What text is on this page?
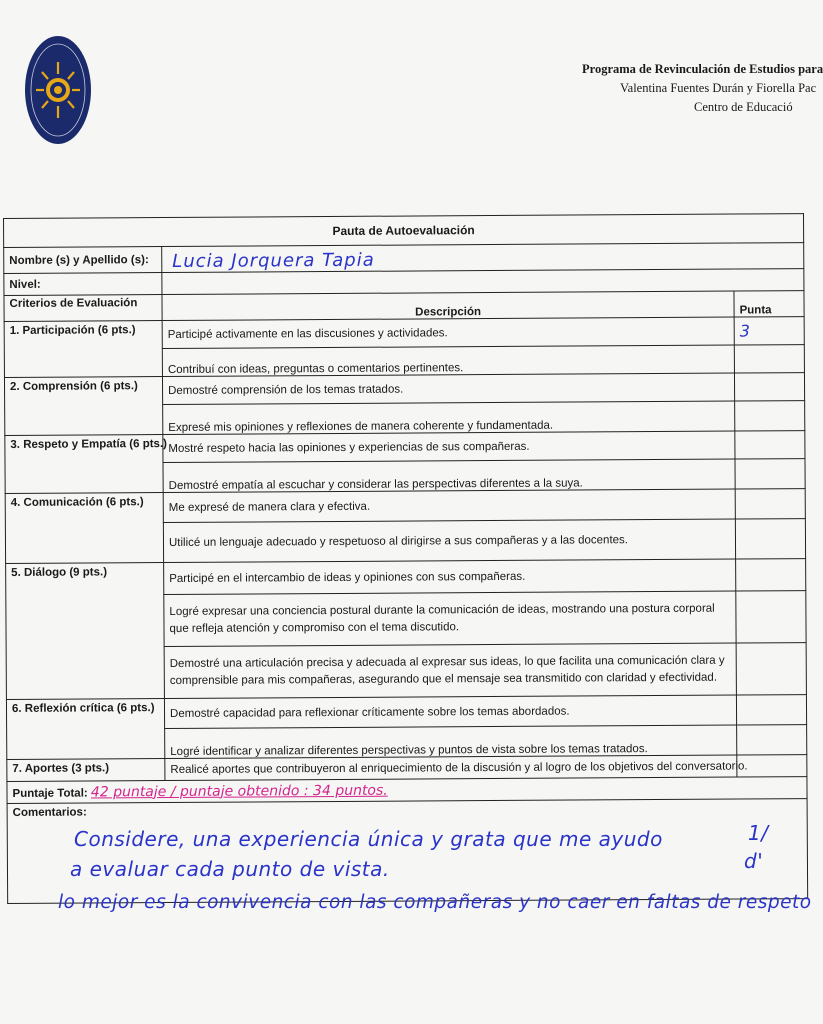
Programa de Revinculación de Estudios para
Valentina Fuentes Durán y Fiorella Pac
Centro de Educació
Pauta de Autoevaluación		
Nombre (s) y Apellido (s):	Lucia Jorquera Tapia	
Nivel:		
Criterios de Evaluación	Descripción	Punta
1. Participación (6 pts.)	Participé activamente en las discusiones y actividades.	3
	Contribuí con ideas, preguntas o comentarios pertinentes.	
2. Comprensión (6 pts.)	Demostré comprensión de los temas tratados.	
	Expresé mis opiniones y reflexiones de manera coherente y fundamentada.	
3. Respeto y Empatía (6 pts.)	Mostré respeto hacia las opiniones y experiencias de sus compañeras.	
	Demostré empatía al escuchar y considerar las perspectivas diferentes a la suya.	
4. Comunicación (6 pts.)	Me expresé de manera clara y efectiva.	
	Utilicé un lenguaje adecuado y respetuoso al dirigirse a sus compañeras y a las docentes.	
5. Diálogo (9 pts.)	Participé en el intercambio de ideas y opiniones con sus compañeras.	
	Logré expresar una conciencia postural durante la comunicación de ideas, mostrando una postura corporal que refleja atención y compromiso con el tema discutido.	
	Demostré una articulación precisa y adecuada al expresar sus ideas, lo que facilita una comunicación clara y comprensible para mis compañeras, asegurando que el mensaje sea transmitido con claridad y efectividad.	
6. Reflexión crítica (6 pts.)	Demostré capacidad para reflexionar críticamente sobre los temas abordados.	
	Logré identificar y analizar diferentes perspectivas y puntos de vista sobre los temas tratados.	
7. Aportes (3 pts.)	Realicé aportes que contribuyeron al enriquecimiento de la discusión y al logro de los objetivos del conversatorio.	
Puntaje Total: 42 puntaje / puntaje obtenido : 34 puntos.		
Comentarios:		
Considere, una experiencia única y grata que me ayudo
a evaluar cada punto de vista.
lo mejor es la convivencia con las compañeras y no caer en faltas de respeto
1/
d'
